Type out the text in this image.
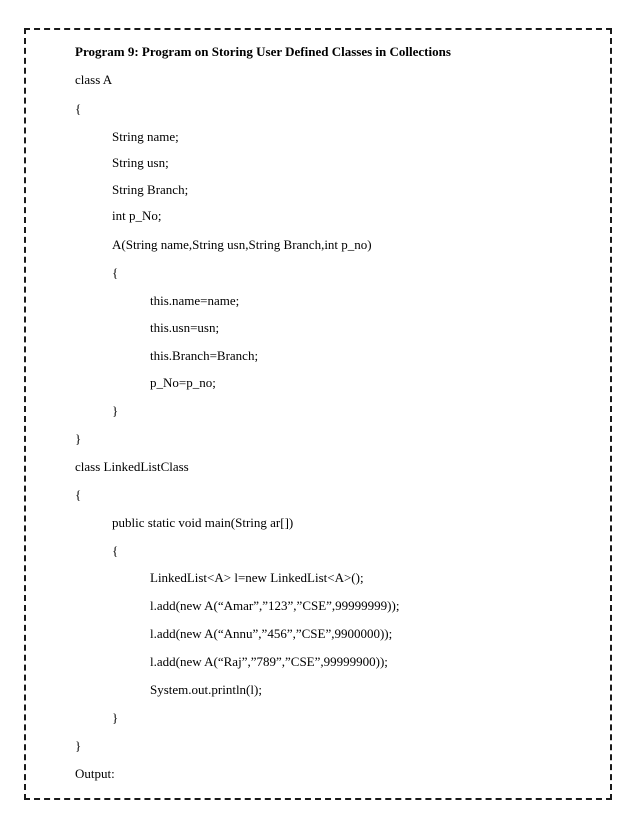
Program 9: Program on Storing User Defined Classes in Collections
class A
{
String name;
String usn;
String Branch;
int p_No;
A(String name,String usn,String Branch,int p_no)
{
this.name=name;
this.usn=usn;
this.Branch=Branch;
p_No=p_no;
}
}
class LinkedListClass
{
public static void main(String ar[])
{
LinkedList<A> l=new LinkedList<A>();
l.add(new A(“Amar”,”123”,”CSE”,99999999));
l.add(new A(“Annu”,”456”,”CSE”,9900000));
l.add(new A(“Raj”,”789”,”CSE”,99999900));
System.out.println(l);
}
}
Output:
